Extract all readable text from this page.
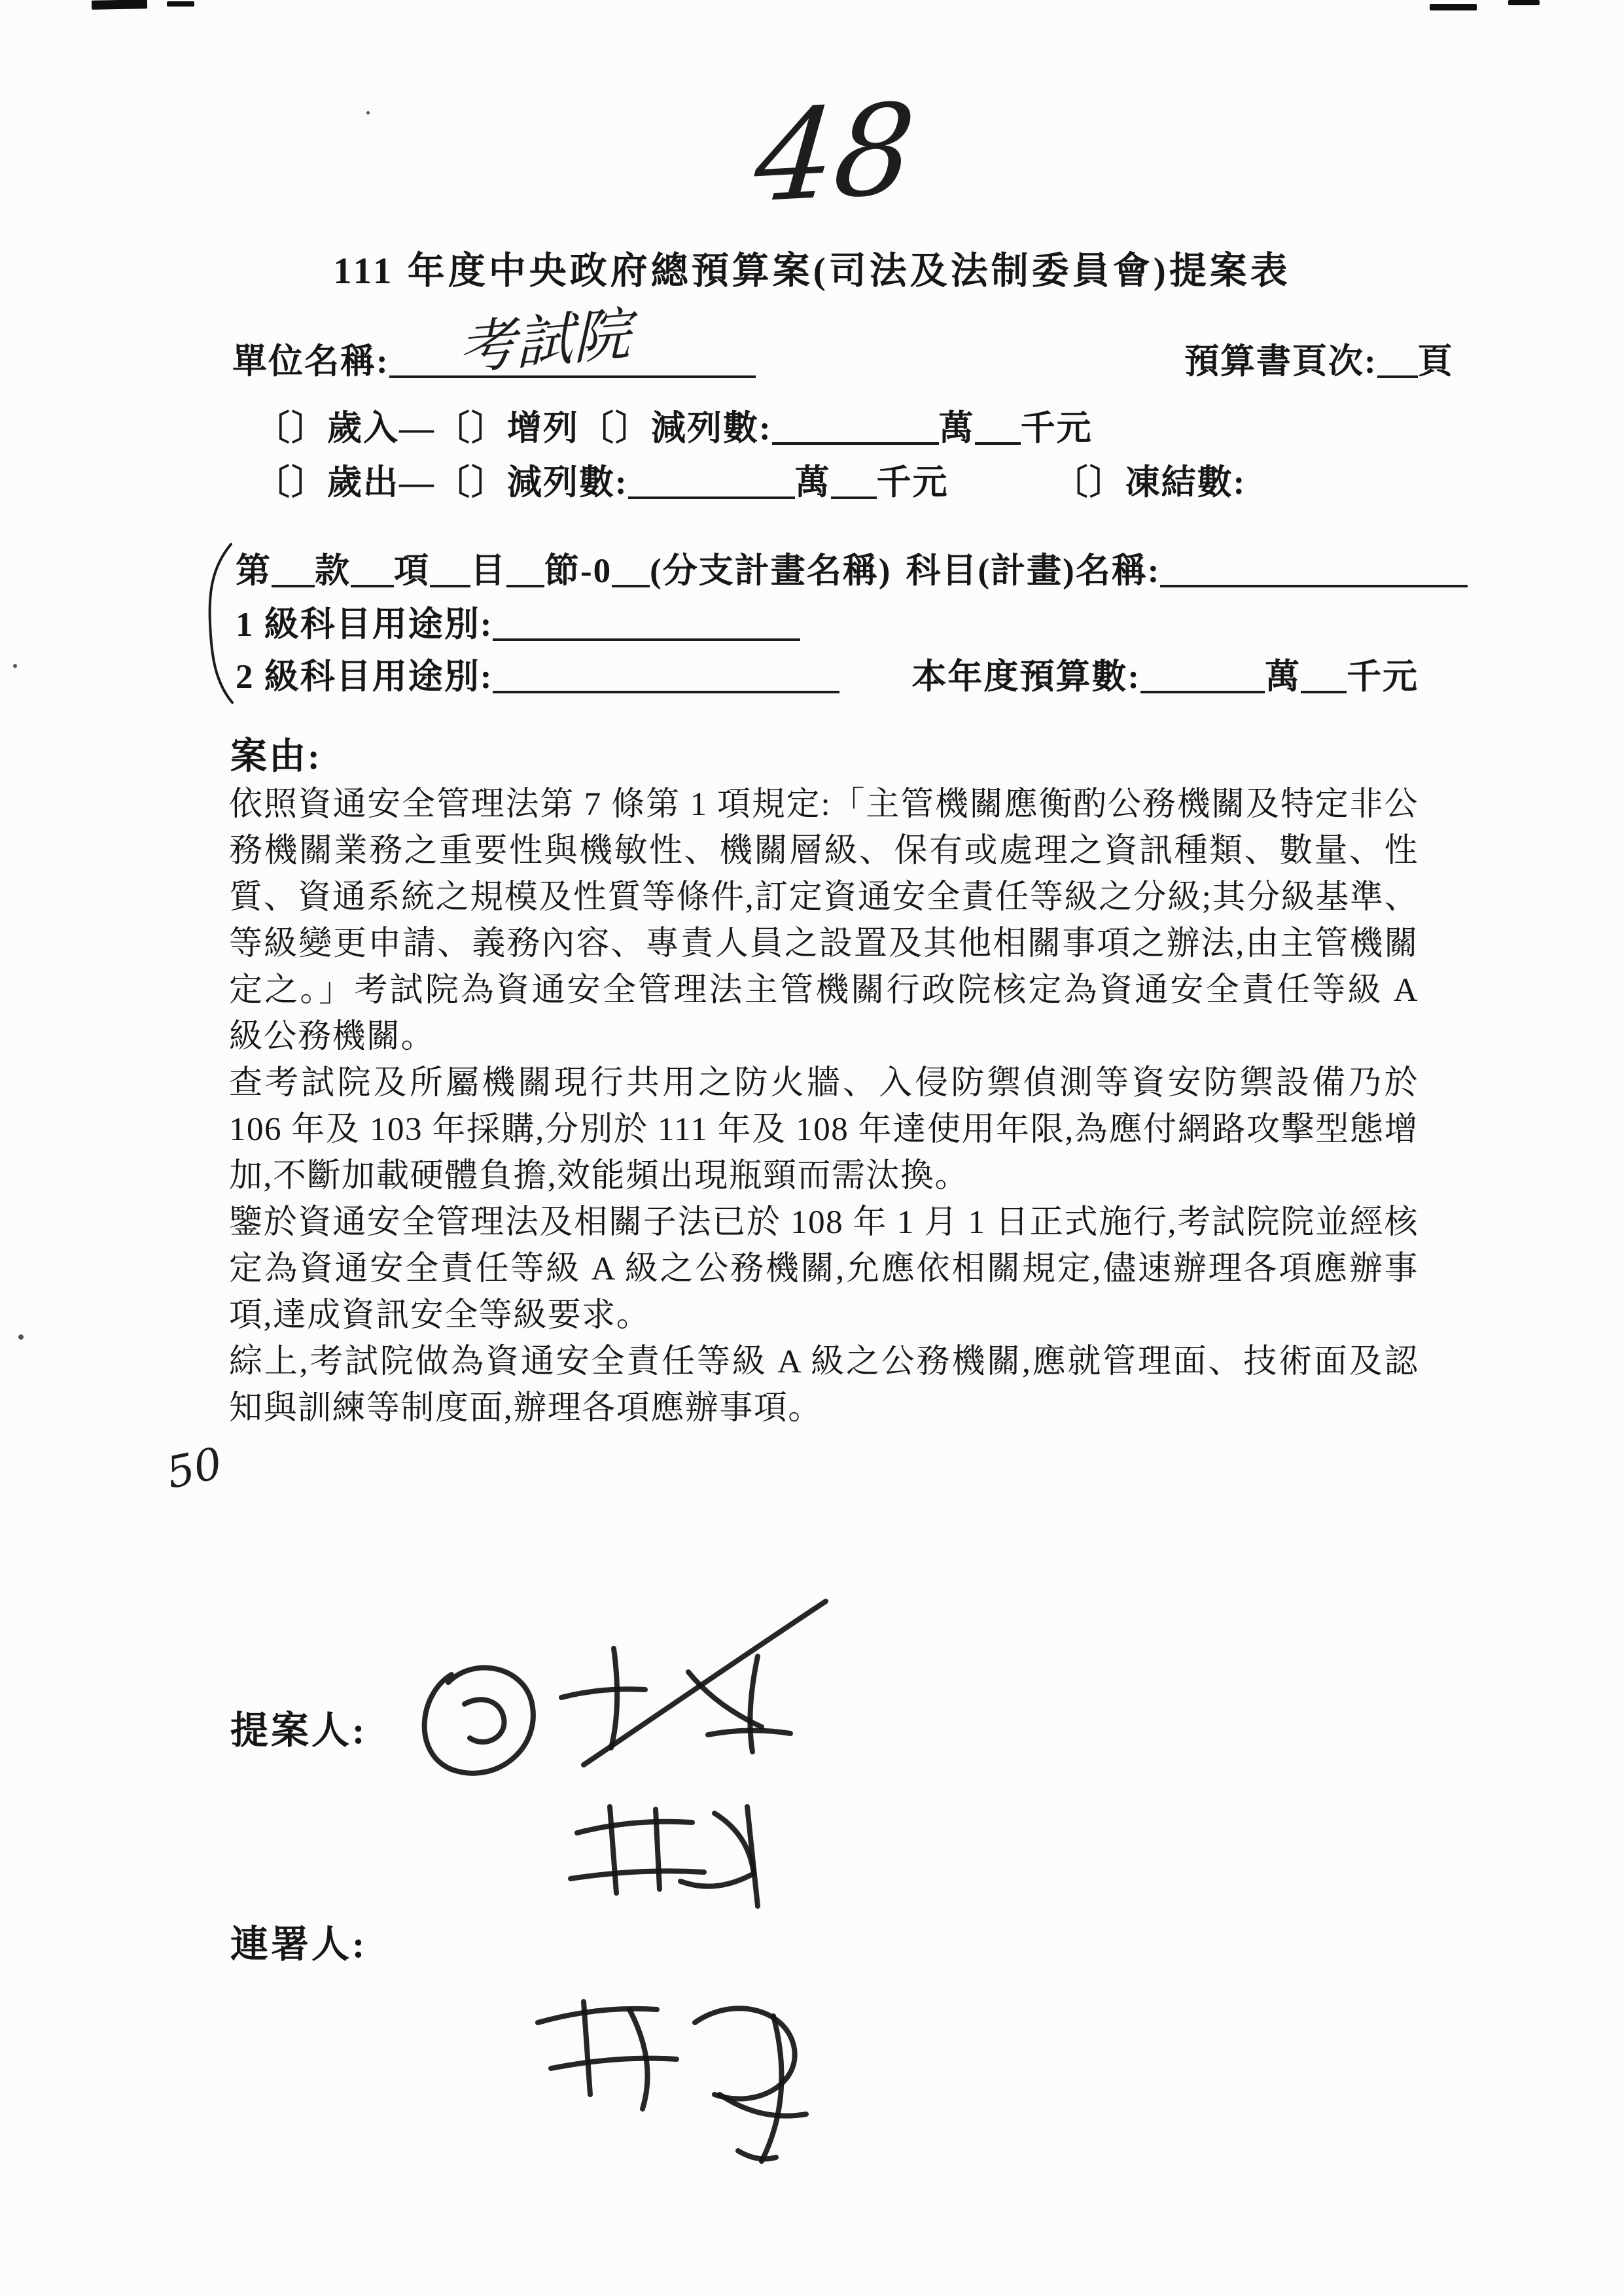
48
111 年度中央政府總預算案(司法及法制委員會)提案表
單位名稱:	考試院	預算書頁次: 頁
〔〕歲入—〔〕增列〔〕減列數:	萬 千元
〔〕歲出—〔〕減列數:	萬 千元	〔〕凍結數:
第 款 項 目 節-0 (分支計畫名稱) 科目(計畫)名稱:
1 級科目用途別:
2 級科目用途別:	本年度預算數:	萬 千元
案由:

依照資通安全管理法第 7 條第 1 項規定:「主管機關應衡酌公務機關及特定非公務機關業務之重要性與機敏性、機關層級、保有或處理之資訊種類、數量、性質、資通系統之規模及性質等條件,訂定資通安全責任等級之分級;其分級基準、等級變更申請、義務內容、專責人員之設置及其他相關事項之辦法,由主管機關定之。」考試院為資通安全管理法主管機關行政院核定為資通安全責任等級 A 級公務機關。

查考試院及所屬機關現行共用之防火牆、入侵防禦偵測等資安防禦設備乃於 106 年及 103 年採購,分別於 111 年及 108 年達使用年限,為應付網路攻擊型態增加,不斷加載硬體負擔,效能頻出現瓶頸而需汰換。

鑒於資通安全管理法及相關子法已於 108 年 1 月 1 日正式施行,考試院院並經核定為資通安全責任等級 A 級之公務機關,允應依相關規定,儘速辦理各項應辦事項,達成資訊安全等級要求。

綜上,考試院做為資通安全責任等級 A 級之公務機關,應就管理面、技術面及認知與訓練等制度面,辦理各項應辦事項。

50
提案人:
連署人:
